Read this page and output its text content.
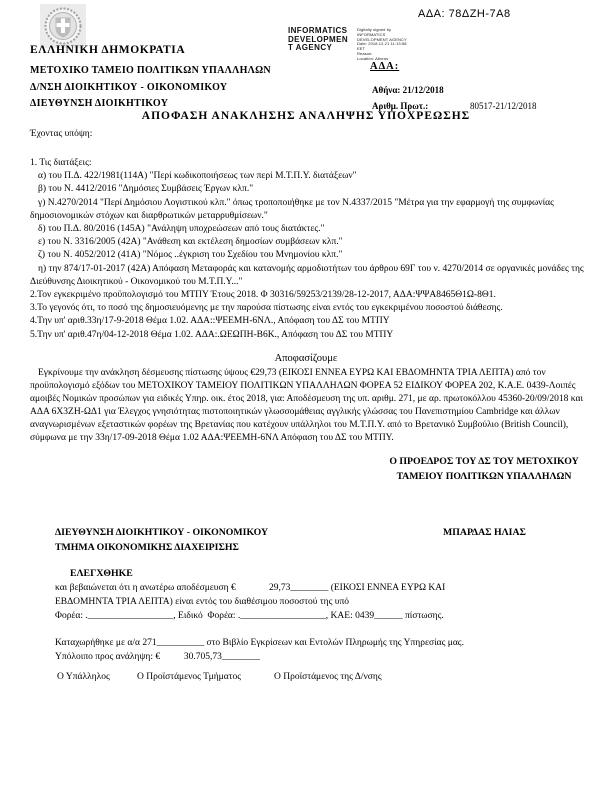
ΑΔΑ: 78ΔΖΗ-7Α8
INFORMATICS
DEVELOPMEN
T AGENCY
Digitally signed by
INFORMATICS
DEVELOPMENT AGENCY
Date: 2018.12.21 11:13:58
EET
Reason:
Location: Athens
ΕΛΛΗΝΙΚΗ ΔΗΜΟΚΡΑΤΙΑ
ΜΕΤΟΧΙΚΟ ΤΑΜΕΙΟ ΠΟΛΙΤΙΚΩΝ ΥΠΑΛΛΗΛΩΝ
Δ/ΝΣΗ ΔΙΟΙΚΗΤΙΚΟΥ - ΟΙΚΟΝΟΜΙΚΟΥ
ΔΙΕΥΘΥΝΣΗ ΔΙΟΙΚΗΤΙΚΟΥ
ΑΔΑ:
Αθήνα: 21/12/2018
Αριθμ. Πρωτ.:	80517-21/12/2018
ΑΠΟΦΑΣΗ ΑΝΑΚΛΗΣΗΣ ΑΝΑΛΗΨΗΣ ΥΠΟΧΡΕΩΣΗΣ
Έχοντας υπόψη:

1. Τις διατάξεις:

α) του Π.Δ. 422/1981(114Α) "Περί κωδικοποιήσεως των περί Μ.Τ.Π.Υ. διατάξεων"

β) του Ν. 4412/2016 "Δημόσιες Συμβάσεις Έργων κλπ."

γ) Ν.4270/2014 "Περί Δημόσιου Λογιστικού κλπ." όπως τροποποιήθηκε με τον Ν.4337/2015 "Μέτρα για την εφαρμογή της συμφωνίας δημοσιονομικών στόχων και διαρθρωτικών μεταρρυθμίσεων."

δ) του Π.Δ. 80/2016 (145Α) "Ανάληψη υποχρεώσεων από τους διατάκτες."

ε) του Ν. 3316/2005 (42Α) "Ανάθεση και εκτέλεση δημοσίων συμβάσεων κλπ."

ζ) του Ν. 4052/2012 (41Α) "Νόμος ..έγκριση του Σχεδίου του Μνημονίου κλπ."

η) την 874/17-01-2017 (42Α) Απόφαση Μεταφοράς και κατανομής αρμοδιοτήτων του άρθρου 69Γ του ν. 4270/2014 σε οργανικές μονάδες της Διεύθυνσης Διοικητικού - Οικονομικού του Μ.Τ.Π.Υ..."

2.Τον εγκεκριμένο προϋπολογισμό του ΜΤΠΥ Έτους 2018. Φ 30316/59253/2139/28-12-2017, ΑΔΑ:ΨΨΑ8465Θ1Ω-8Θ1.

3.Το γεγονός ότι, το ποσό της δημοσιευόμενης με την παρούσα πίστωσης είναι εντός του εγκεκριμένου ποσοστού διάθεσης.

4.Την υπ' αριθ.33η/17-9-2018 Θέμα 1.02. ΑΔΑ::ΨΕΕΜΗ-6ΝΛ., Απόφαση του ΔΣ του ΜΤΠΥ

5.Την υπ' αριθ.47η/04-12-2018 Θέμα 1.02. ΑΔΑ:.ΩΕΩΠΗ-Β6Κ., Απόφαση του ΔΣ του ΜΤΠΥ

Αποφασίζουμε
Εγκρίνουμε την ανάκληση δέσμευσης πίστωσης ύψους €29,73 (ΕΙΚΟΣΙ ΕΝΝΕΑ ΕΥΡΩ ΚΑΙ ΕΒΔΟΜΗΝΤΑ ΤΡΙΑ ΛΕΠΤΑ) από τον προϋπολογισμό εξόδων του ΜΕΤΟΧΙΚΟΥ ΤΑΜΕΙΟΥ ΠΟΛΙΤΙΚΩΝ ΥΠΑΛΛΗΛΩΝ ΦΟΡΕΑ 52 ΕΙΔΙΚΟΥ ΦΟΡΕΑ 202, Κ.Α.Ε. 0439-Λοιπές αμοιβές Νομικών προσώπων για ειδικές Υπηρ. οικ. έτος 2018, για: Αποδέσμευση της υπ. αριθμ. 271, με αρ. πρωτοκόλλου 45360-20/09/2018 και ΑΔΑ 6Χ3ΖΗ-ΩΔ1 για Έλεγχος γνησιότητας πιστοποιητικών γλωσσομάθειας αγγλικής γλώσσας του Πανεπιστημίου Cambridge και άλλων αναγνωρισμένων εξεταστικών φορέων της Βρετανίας που κατέχουν υπάλληλοι του Μ.Τ.Π.Υ. από το Βρετανικό Συμβούλιο (British Council), σύμφωνα με την 33η/17-09-2018 Θέμα 1.02 ΑΔΑ:ΨΕΕΜΗ-6ΝΛ Απόφαση του ΔΣ του ΜΤΠΥ.
Ο ΠΡΟΕΔΡΟΣ ΤΟΥ ΔΣ ΤΟΥ ΜΕΤΟΧΙΚΟΥ
ΤΑΜΕΙΟΥ ΠΟΛΙΤΙΚΩΝ ΥΠΑΛΛΗΛΩΝ
ΔΙΕΥΘΥΝΣΗ ΔΙΟΙΚΗΤΙΚΟΥ - ΟΙΚΟΝΟΜΙΚΟΥ
ΤΜΗΜΑ ΟΙΚΟΝΟΜΙΚΗΣ ΔΙΑΧΕΙΡΙΣΗΣ
ΜΠΑΡΔΑΣ ΗΛΙΑΣ
ΕΛΕΓΧΘΗΚΕ
και βεβαιώνεται ότι η ανωτέρω αποδέσμευση €              29,73________ (ΕΙΚΟΣΙ ΕΝΝΕΑ ΕΥΡΩ ΚΑΙ
ΕΒΔΟΜΗΝΤΑ ΤΡΙΑ ΛΕΠΤΑ) είναι εντός του διαθέσιμου ποσοστού της υπό
Φορέα: .__________________, Ειδικό  Φορέα: .__________________, ΚΑΕ: 0439______ πίστωσης.
Καταχωρήθηκε με α/α 271__________ στο Βιβλίο Εγκρίσεων και Εντολών Πληρωμής της Υπηρεσίας μας.
Υπόλοιπο προς ανάληψη: €          30.705,73________
Ο Υπάλληλος	Ο Προϊστάμενος Τμήματος	Ο Προϊστάμενος της Δ/νσης
